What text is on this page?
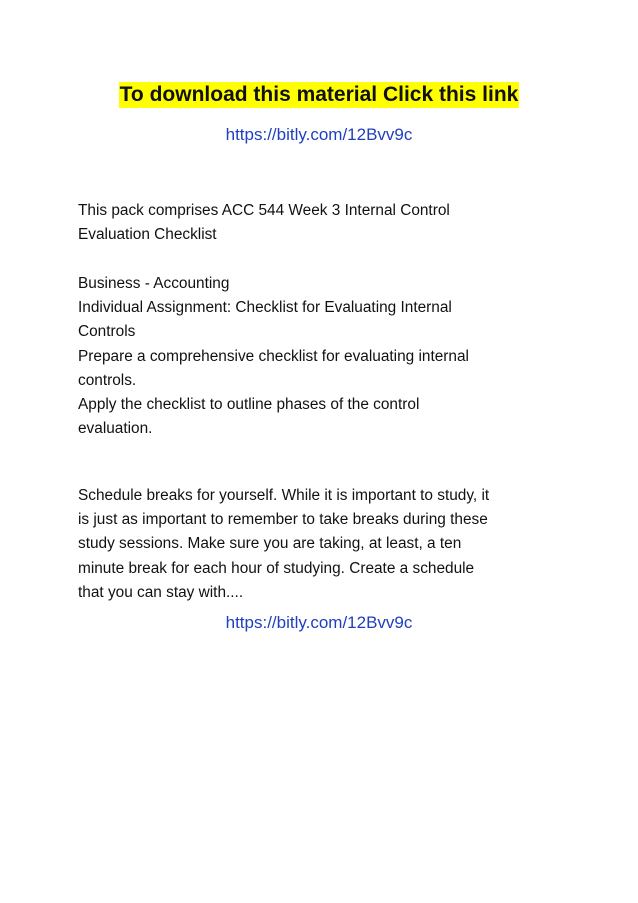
To download this material Click this link
https://bitly.com/12Bvv9c

This pack comprises ACC 544 Week 3 Internal Control
Evaluation Checklist

Business - Accounting
Individual Assignment: Checklist for Evaluating Internal
Controls
Prepare a comprehensive checklist for evaluating internal
controls.
Apply the checklist to outline phases of the control
evaluation.

Schedule breaks for yourself. While it is important to study, it
is just as important to remember to take breaks during these
study sessions. Make sure you are taking, at least, a ten
minute break for each hour of studying. Create a schedule
that you can stay with....

https://bitly.com/12Bvv9c
